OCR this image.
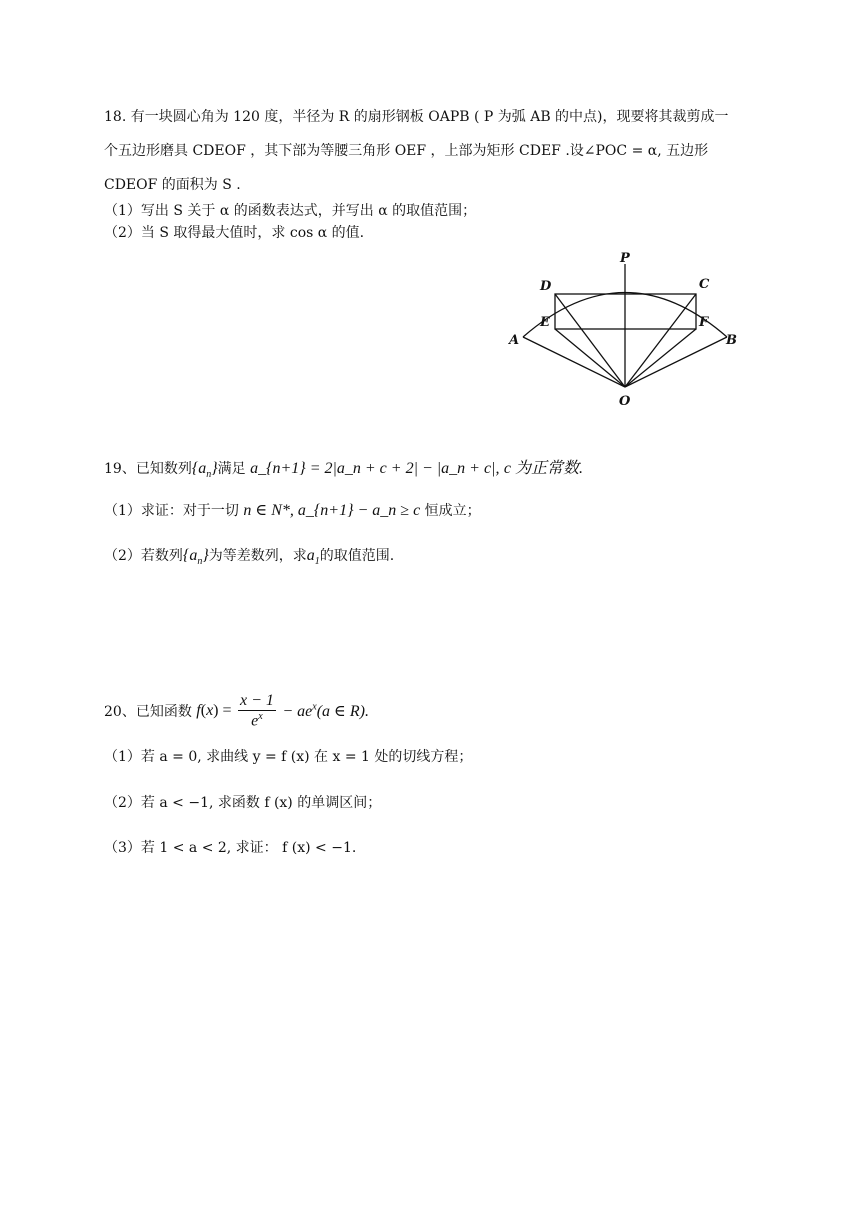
18. 有一块圆心角为 120 度，半径为 R 的扇形钢板 OAPB ( P 为弧 AB 的中点)，现要将其裁剪成一
个五边形磨具 CDEOF ，其下部为等腰三角形 OEF ，上部为矩形 CDEF .设∠POC = α, 五边形
CDEOF 的面积为 S .
（1）写出 S 关于 α 的函数表达式，并写出 α 的取值范围；
（2）当 S 取得最大值时，求 cos α 的值.
P
D	C
E	F
A	B
O
19、已知数列$\{a_n\}$满足 a_{n+1} = 2|a_n + c + 2| − |a_n + c|, c 为正常数.
（1）求证：对于一切 n ∈ N*, a_{n+1} − a_n ≥ c 恒成立；
（2）若数列$\{a_n\}$为等差数列，求$a_1$的取值范围.
20、已知函数 $f(x) = \frac{x - 1}{e^x} - ae^x(a$ ∈ R).
（1）若 a = 0, 求曲线 y = f (x) 在 x = 1 处的切线方程；
（2）若 a < −1, 求函数 f (x) 的单调区间；
（3）若 1 < a < 2, 求证： f (x) < −1.
